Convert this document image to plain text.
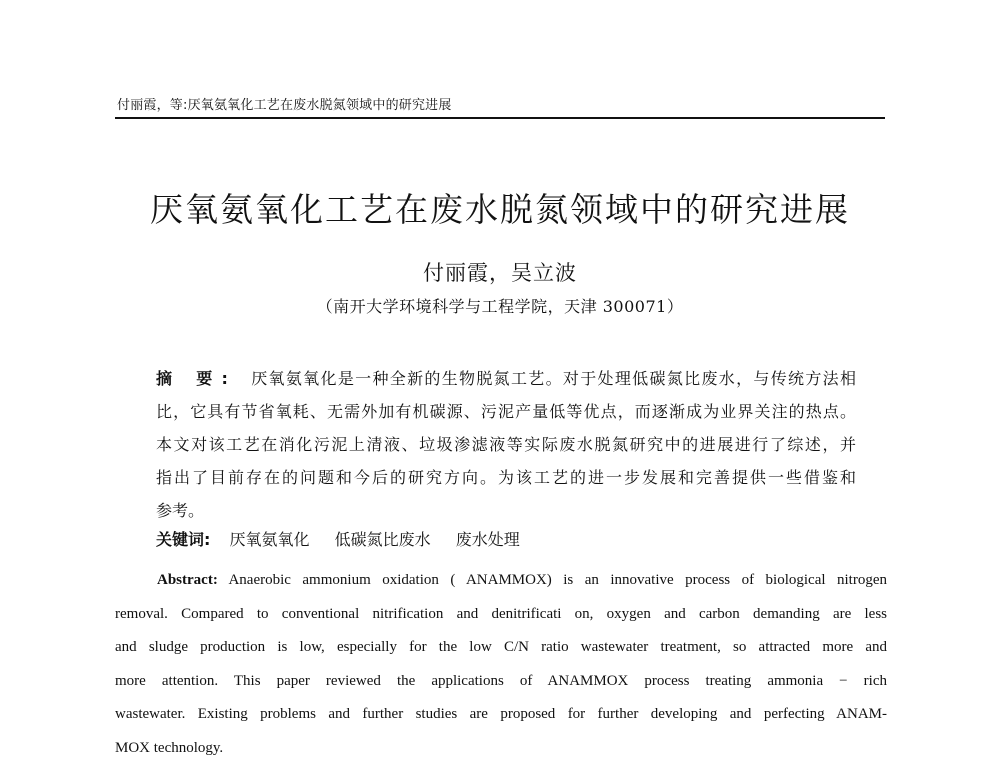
付丽霞，等:厌氧氨氧化工艺在废水脱氮领域中的研究进展
厌氧氨氧化工艺在废水脱氮领域中的研究进展
付丽霞，吴立波
（南开大学环境科学与工程学院，天津 300071）
摘 要: 厌氧氨氧化是一种全新的生物脱氮工艺。对于处理低碳氮比废水，与传统方法相
比，它具有节省氧耗、无需外加有机碳源、污泥产量低等优点，而逐渐成为业界关注的热点。
本文对该工艺在消化污泥上清液、垃圾渗滤液等实际废水脱氮研究中的进展进行了综述，并
指出了目前存在的问题和今后的研究方向。为该工艺的进一步发展和完善提供一些借鉴和
参考。
关键词: 厌氧氨氧化 低碳氮比废水 废水处理
Abstract: Anaerobic ammonium oxidation ( ANAMMOX) is an innovative process of biological nitrogen
removal. Compared to conventional nitrification and denitrificati on, oxygen and carbon demanding are less
and sludge production is low, especially for the low C/N ratio wastewater treatment, so attracted more and
more attention. This paper reviewed the applications of ANAMMOX process treating ammonia − rich
wastewater. Existing problems and further studies are proposed for further developing and perfecting ANAM-
MOX technology.
